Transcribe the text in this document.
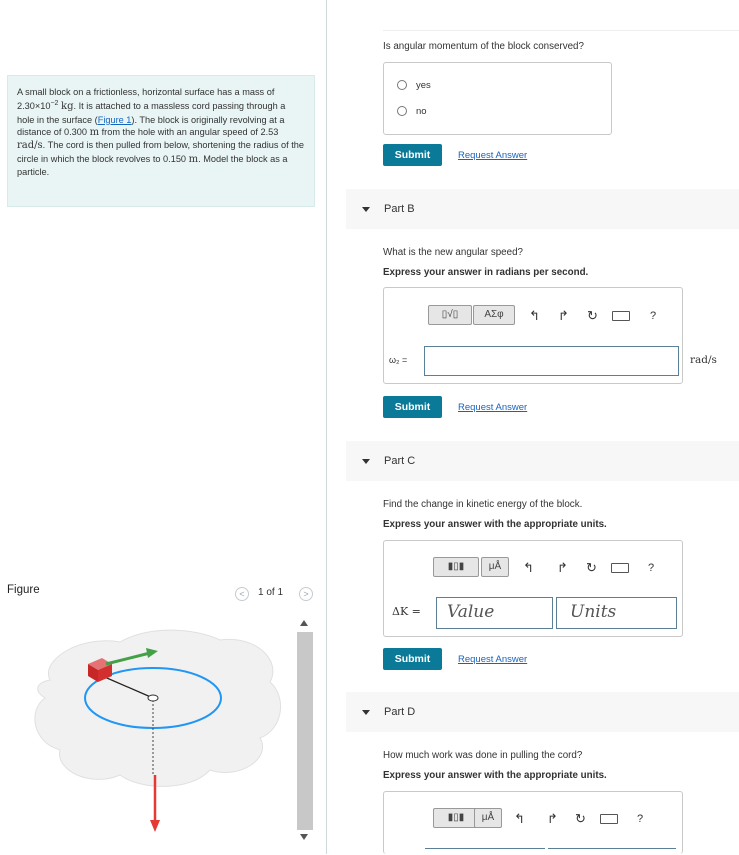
A small block on a frictionless, horizontal surface has a mass of $2.30\times 10^{-2}$ kg. It is attached to a massless cord passing through a hole in the surface (Figure 1). The block is originally revolving at a distance of 0.300 m from the hole with an angular speed of 2.53 rad/s. The cord is then pulled from below, shortening the radius of the circle in which the block revolves to 0.150 m. Model the block as a particle.
Figure	<	1 of 1	>
Is angular momentum of the block conserved?
yes
no
Submit	Request Answer
Part B
What is the new angular speed?
Express your answer in radians per second.
▯√▯	ΑΣφ	↰ ↱ ↻	?
ω₂ =	rad/s
Submit	Request Answer
Part C
Find the change in kinetic energy of the block.
Express your answer with the appropriate units.
▮▯▮	μÅ	↰ ↱ ↻	?
ΔK = Value	Units
Submit	Request Answer
Part D
How much work was done in pulling the cord?
Express your answer with the appropriate units.
▮▯▮	μÅ	↰ ↱ ↻	?
